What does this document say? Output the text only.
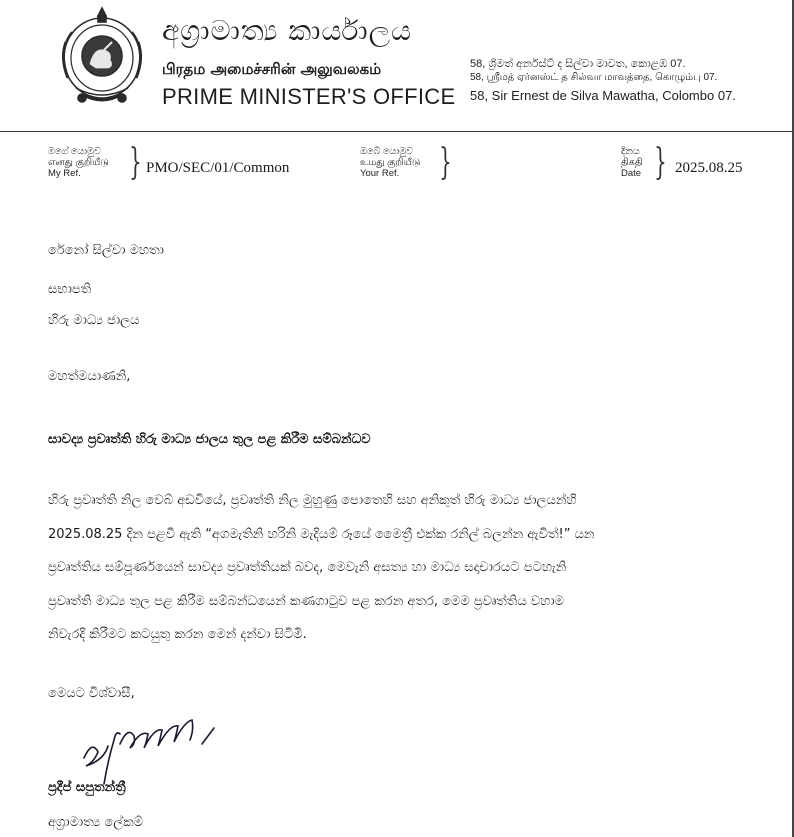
අග්‍රාමාත්‍ය කාර්යාලය
பிரதம அமைச்சரின் அலுவலகம்
PRIME MINISTER'S OFFICE
58, ශ්‍රීමත් අර්නස්ට් ද සිල්වා මාවත, කොළඹ 07.
58, ஸ்ரீமத் ஏர்னஸ்ட் த சில்வா மாவத்தை, கொழும்பு 07.
58, Sir Ernest de Silva Mawatha, Colombo 07.
මගේ යොමුව
எனது குறியீடு
My Ref.	} PMO/SEC/01/Common
ඔබේ යොමුව
உமது குறியீடு
Your Ref.	}	දිනය
திகதி
Date } 2025.08.25
රේනෝ සිල්වා මහතා
සභාපති
හිරු මාධ්‍ය ජාලය
මහත්මයාණනි,
සාවද්‍ය ප්‍රවෘත්ති හිරු මාධ්‍ය ජාලය තුල පළ කිරීම සම්බන්ධව
හිරු ප්‍රවෘත්ති නිල වෙබ් අඩවියේ, ප්‍රවෘත්ති නිල මුහුණු පොතෙහි සහ අනිකුත් හිරු මාධ්‍ය ජාලයන්හි
2025.08.25 දින පළවී ඇති “අගමැතිනි හරිනි මැදියම් රූයේ මෛත්‍රී එක්ක රනිල් බලන්න ඇවිත්!” යන
ප්‍රවෘත්තිය සම්පූර්ණයෙන් සාවද්‍ය ප්‍රවෘත්තියක් බවද, මෙවැනි අසත්‍ය හා මාධ්‍ය සදාචාරයට පටහැනි
ප්‍රවෘත්ති මාධ්‍ය තුල පළ කිරීම සම්බන්ධයෙන් කණගාටුව පළ කරන අතර, මෙම ප්‍රවෘත්තිය වහාම
නිවැරදි කිරීමට කටයුතු කරන මෙන් දන්වා සිටිමි.
මෙයට විශ්වාසී,
ප්‍රදීප් සපුතන්ත්‍රී
අග්‍රාමාත්‍ය ලේකම්
